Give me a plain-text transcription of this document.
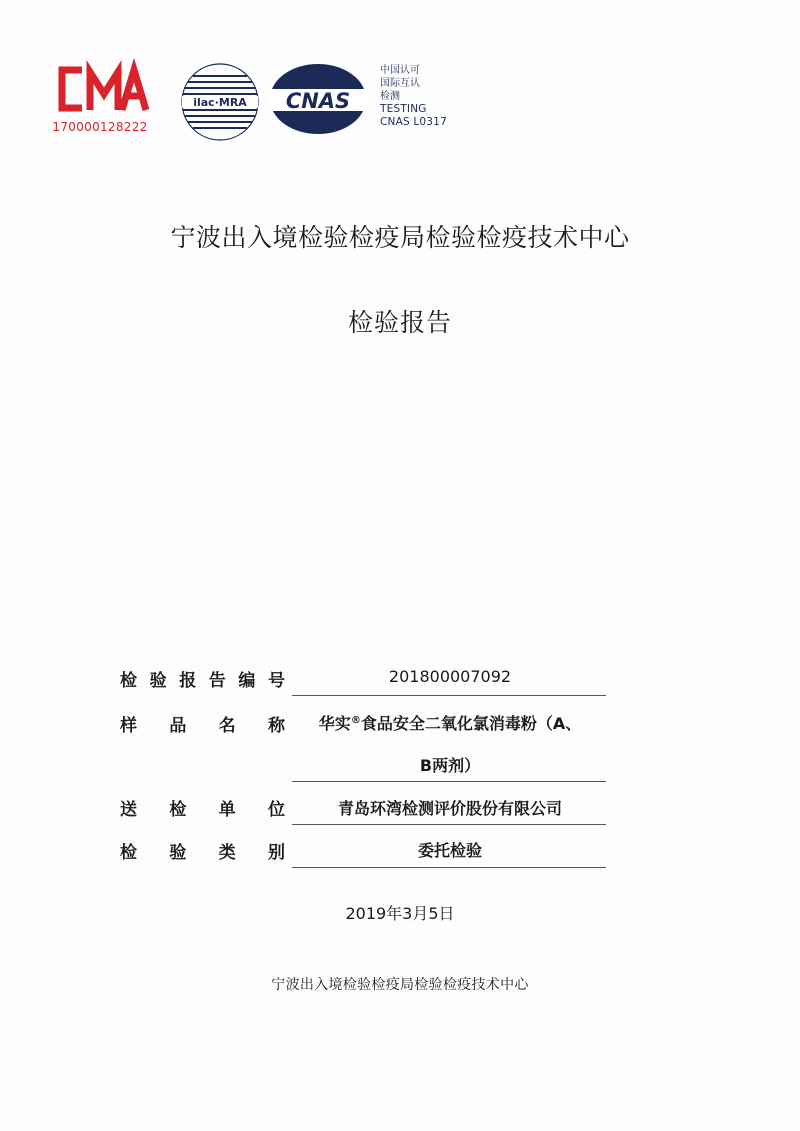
170000128222
ilac·MRA CNAS
中国认可
国际互认
检测
TESTING
CNAS L0317
宁波出入境检验检疫局检验检疫技术中心
检验报告
检 验 报 告 编 号	201800007092
样 品 名 称	华实®食品安全二氧化氯消毒粉（A、
B两剂）
送 检 单 位	青岛环湾检测评价股份有限公司
检 验 类 别	委托检验
2019年3月5日
宁波出入境检验检疫局检验检疫技术中心
